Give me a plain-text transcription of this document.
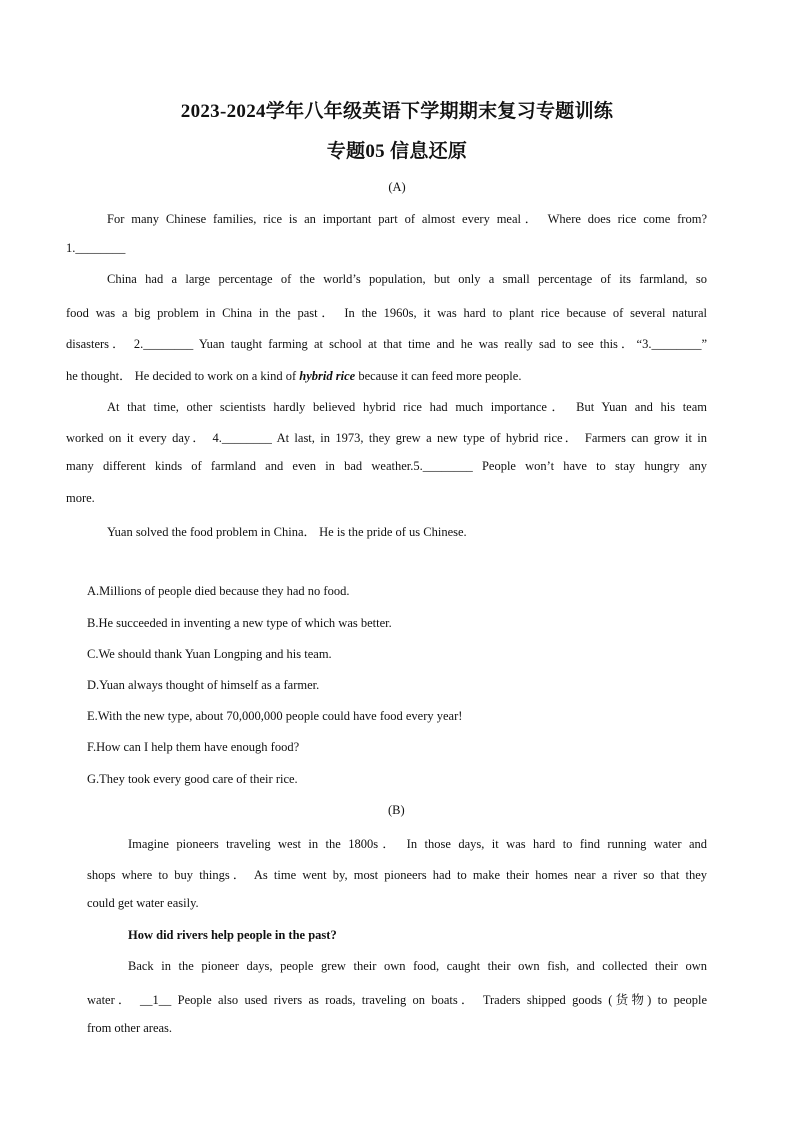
2023-2024学年八年级英语下学期期末复习专题训练
专题05 信息还原
(A)
For many Chinese families, rice is an important part of almost every meal． Where does rice come from?
1.________
China had a large percentage of the world’s population, but only a small percentage of its farmland, so
food was a big problem in China in the past． In the 1960s, it was hard to plant rice because of several natural
disasters． 2.________ Yuan taught farming at school at that time and he was really sad to see this．“3.________”
he thought． He decided to work on a kind of hybrid rice because it can feed more people.
At that time, other scientists hardly believed hybrid rice had much importance． But Yuan and his team
worked on it every day． 4.________ At last, in 1973, they grew a new type of hybrid rice． Farmers can grow it in
many different kinds of farmland and even in bad weather.5.________ People won’t have to stay hungry any
more.
Yuan solved the food problem in China． He is the pride of us Chinese.
A.Millions of people died because they had no food.
B.He succeeded in inventing a new type of which was better.
C.We should thank Yuan Longping and his team.
D.Yuan always thought of himself as a farmer.
E.With the new type, about 70,000,000 people could have food every year!
F.How can I help them have enough food?
G.They took every good care of their rice.
(B)
Imagine pioneers traveling west in the 1800s． In those days, it was hard to find running water and
shops where to buy things． As time went by, most pioneers had to make their homes near a river so that they
could get water easily.
How did rivers help people in the past?
Back in the pioneer days, people grew their own food, caught their own fish, and collected their own
water． __1__ People also used rivers as roads, traveling on boats． Traders shipped goods (货物) to people
from other areas.
